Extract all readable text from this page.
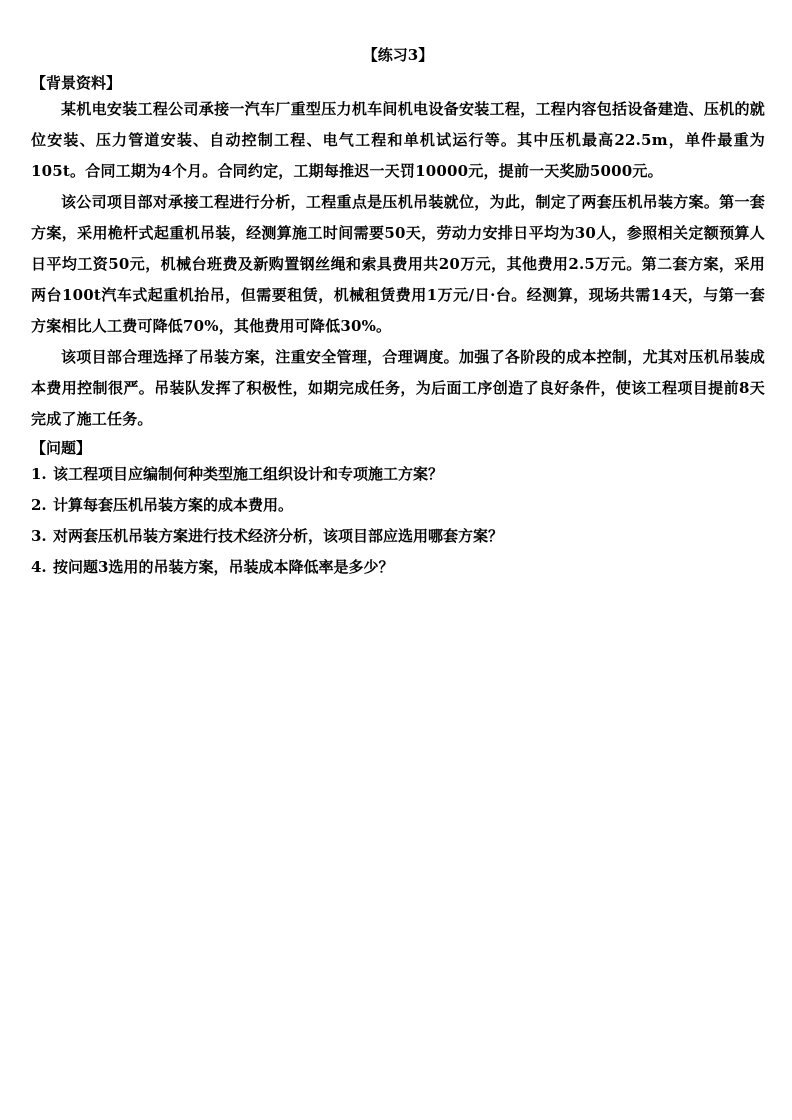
【练习3】
【背景资料】

某机电安装工程公司承接一汽车厂重型压力机车间机电设备安装工程，工程内容包括设备建造、压机的就位安装、压力管道安装、自动控制工程、电气工程和单机试运行等。其中压机最高22.5m，单件最重为105t。合同工期为4个月。合同约定，工期每推迟一天罚10000元，提前一天奖励5000元。

该公司项目部对承接工程进行分析，工程重点是压机吊装就位，为此，制定了两套压机吊装方案。第一套方案，采用桅杆式起重机吊装，经测算施工时间需要50天，劳动力安排日平均为30人，参照相关定额预算人日平均工资50元，机械台班费及新购置钢丝绳和索具费用共20万元，其他费用2.5万元。第二套方案，采用两台100t汽车式起重机抬吊，但需要租赁，机械租赁费用1万元/日·台。经测算，现场共需14天，与第一套方案相比人工费可降低70%，其他费用可降低30%。

该项目部合理选择了吊装方案，注重安全管理，合理调度。加强了各阶段的成本控制，尤其对压机吊装成本费用控制很严。吊装队发挥了积极性，如期完成任务，为后面工序创造了良好条件，使该工程项目提前8天完成了施工任务。

【问题】
1. 该工程项目应编制何种类型施工组织设计和专项施工方案？
2. 计算每套压机吊装方案的成本费用。
3. 对两套压机吊装方案进行技术经济分析，该项目部应选用哪套方案？
4. 按问题3选用的吊装方案，吊装成本降低率是多少？
